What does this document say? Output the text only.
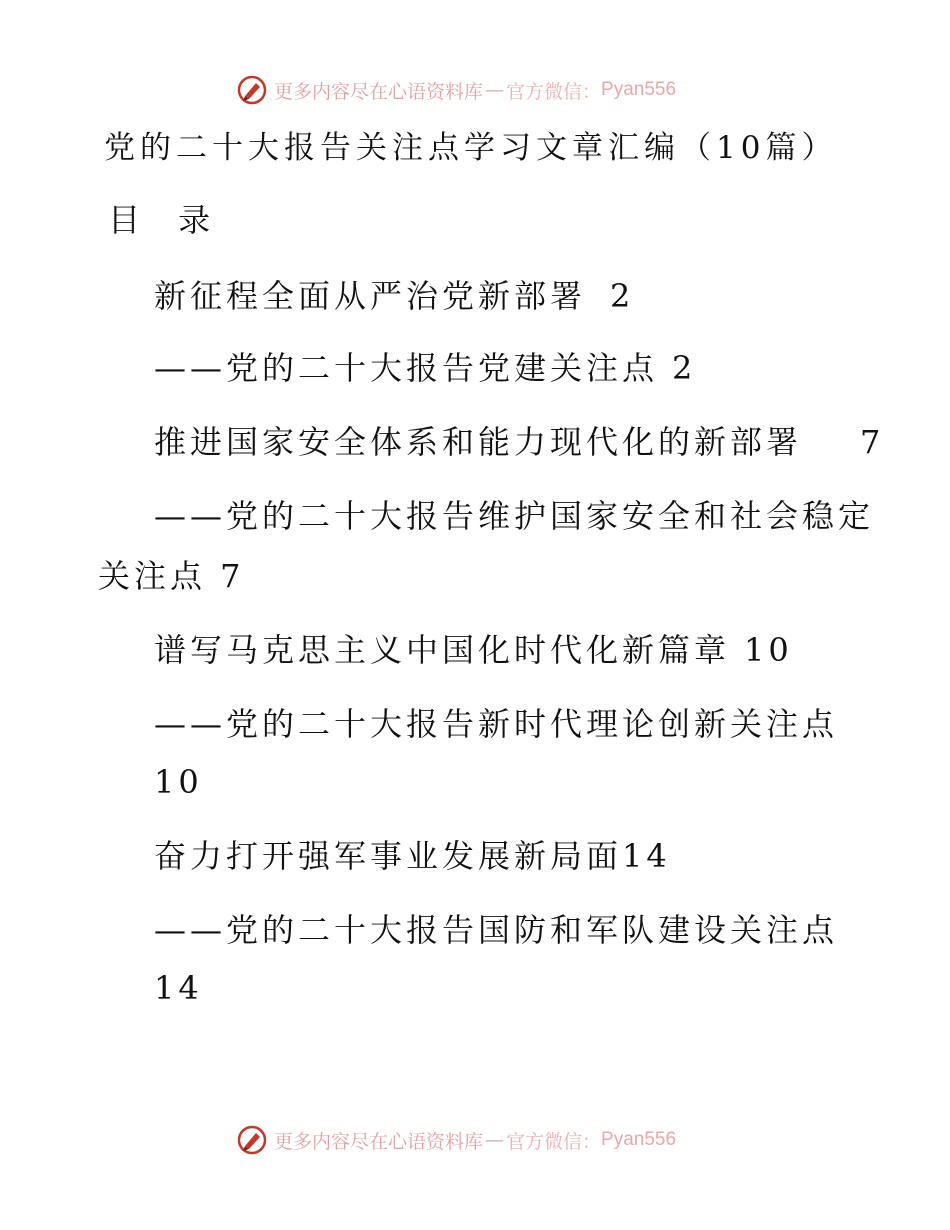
更多内容尽在心语资料库 — 官方微信： Pyan556
党的二十大报告关注点学习文章汇编（10篇）
目 录
新征程全面从严治党新部署 2
——党的二十大报告党建关注点 2
推进国家安全体系和能力现代化的新部署 7
——党的二十大报告维护国家安全和社会稳定
关注点 7
谱写马克思主义中国化时代化新篇章 10
——党的二十大报告新时代理论创新关注点
10
奋力打开强军事业发展新局面14
——党的二十大报告国防和军队建设关注点
14
更多内容尽在心语资料库 — 官方微信： Pyan556
